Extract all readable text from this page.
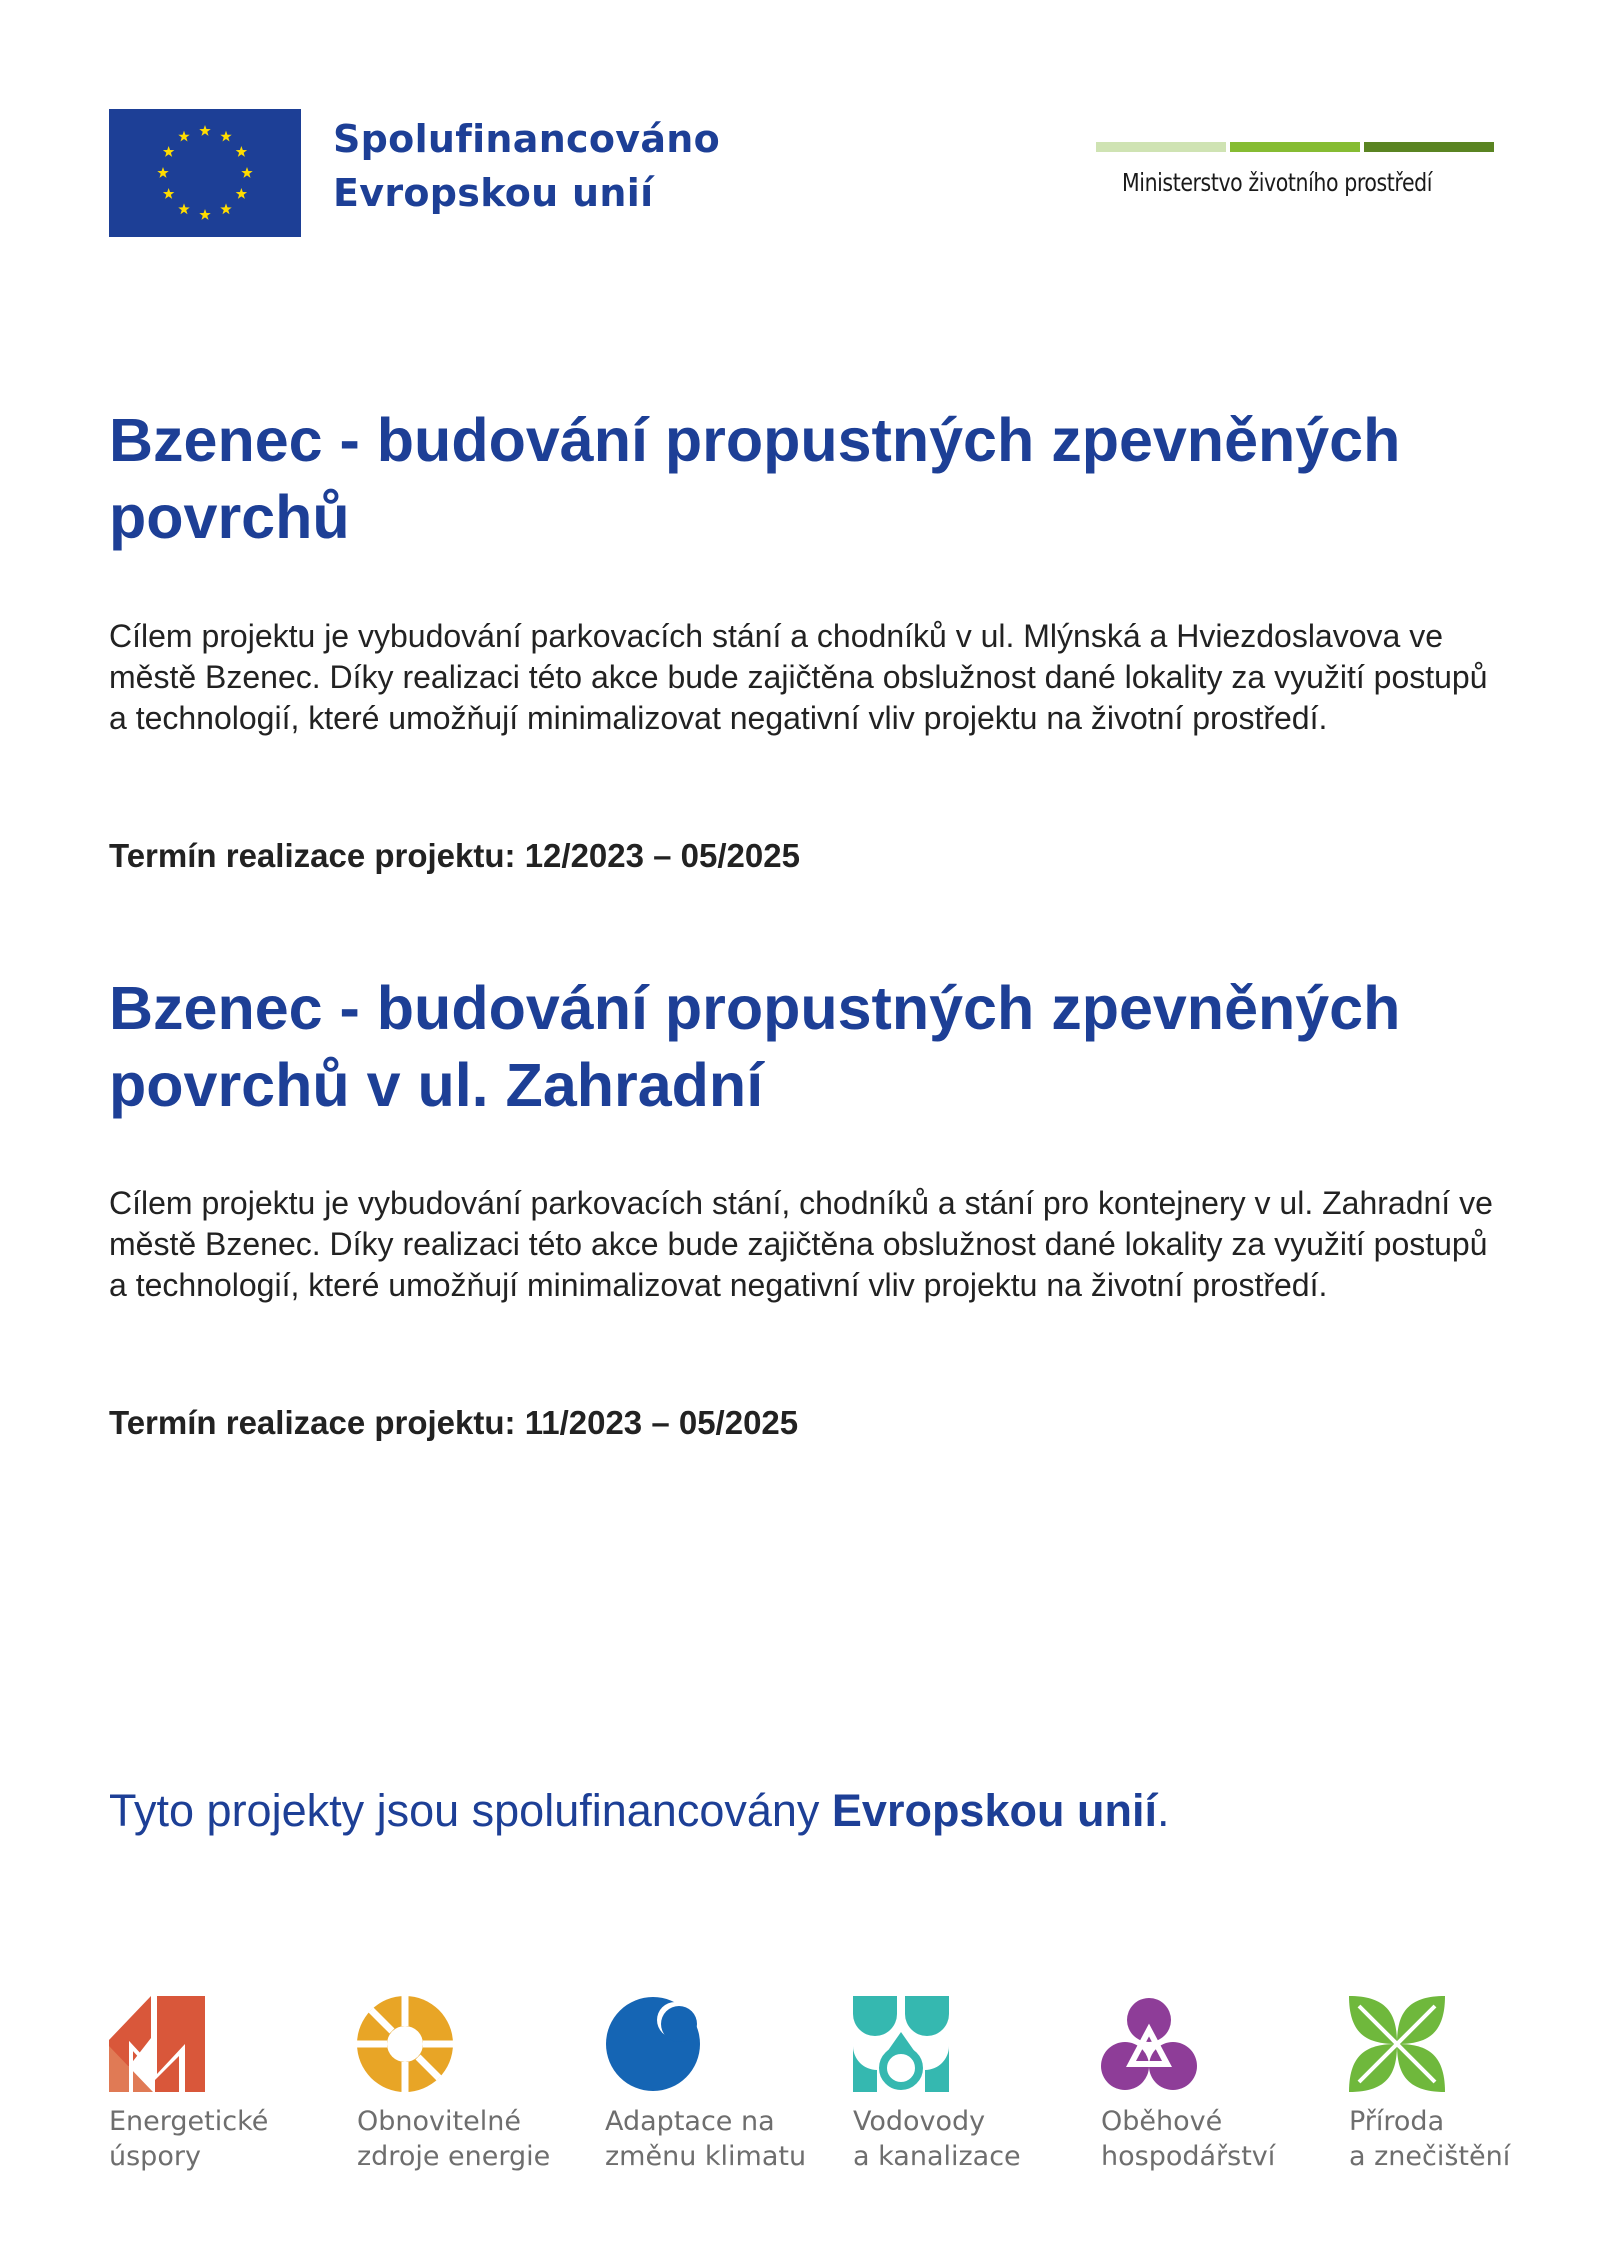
Spolufinancováno
Evropskou unií	Ministerstvo životního prostředí
Bzenec - budování propustných zpevněných povrchů

Cílem projektu je vybudování parkovacích stání a chodníků v ul. Mlýnská a Hviezdoslavova ve městě Bzenec. Díky realizaci této akce bude zajičtěna obslužnost dané lokality za využití postupů a technologií, které umožňují minimalizovat negativní vliv projektu na životní prostředí.

Termín realizace projektu: 12/2023 – 05/2025

Bzenec - budování propustných zpevněných povrchů v ul. Zahradní

Cílem projektu je vybudování parkovacích stání, chodníků a stání pro kontejnery v ul. Zahradní ve městě Bzenec. Díky realizaci této akce bude zajičtěna obslužnost dané lokality za využití postupů a technologií, které umožňují minimalizovat negativní vliv projektu na životní prostředí.

Termín realizace projektu: 11/2023 – 05/2025

Tyto projekty jsou spolufinancovány Evropskou unií.
Energetické
úspory
Obnovitelné
zdroje energie
Adaptace na
změnu klimatu
Vodovody
a kanalizace
Oběhové
hospodářství
Příroda
a znečištění
